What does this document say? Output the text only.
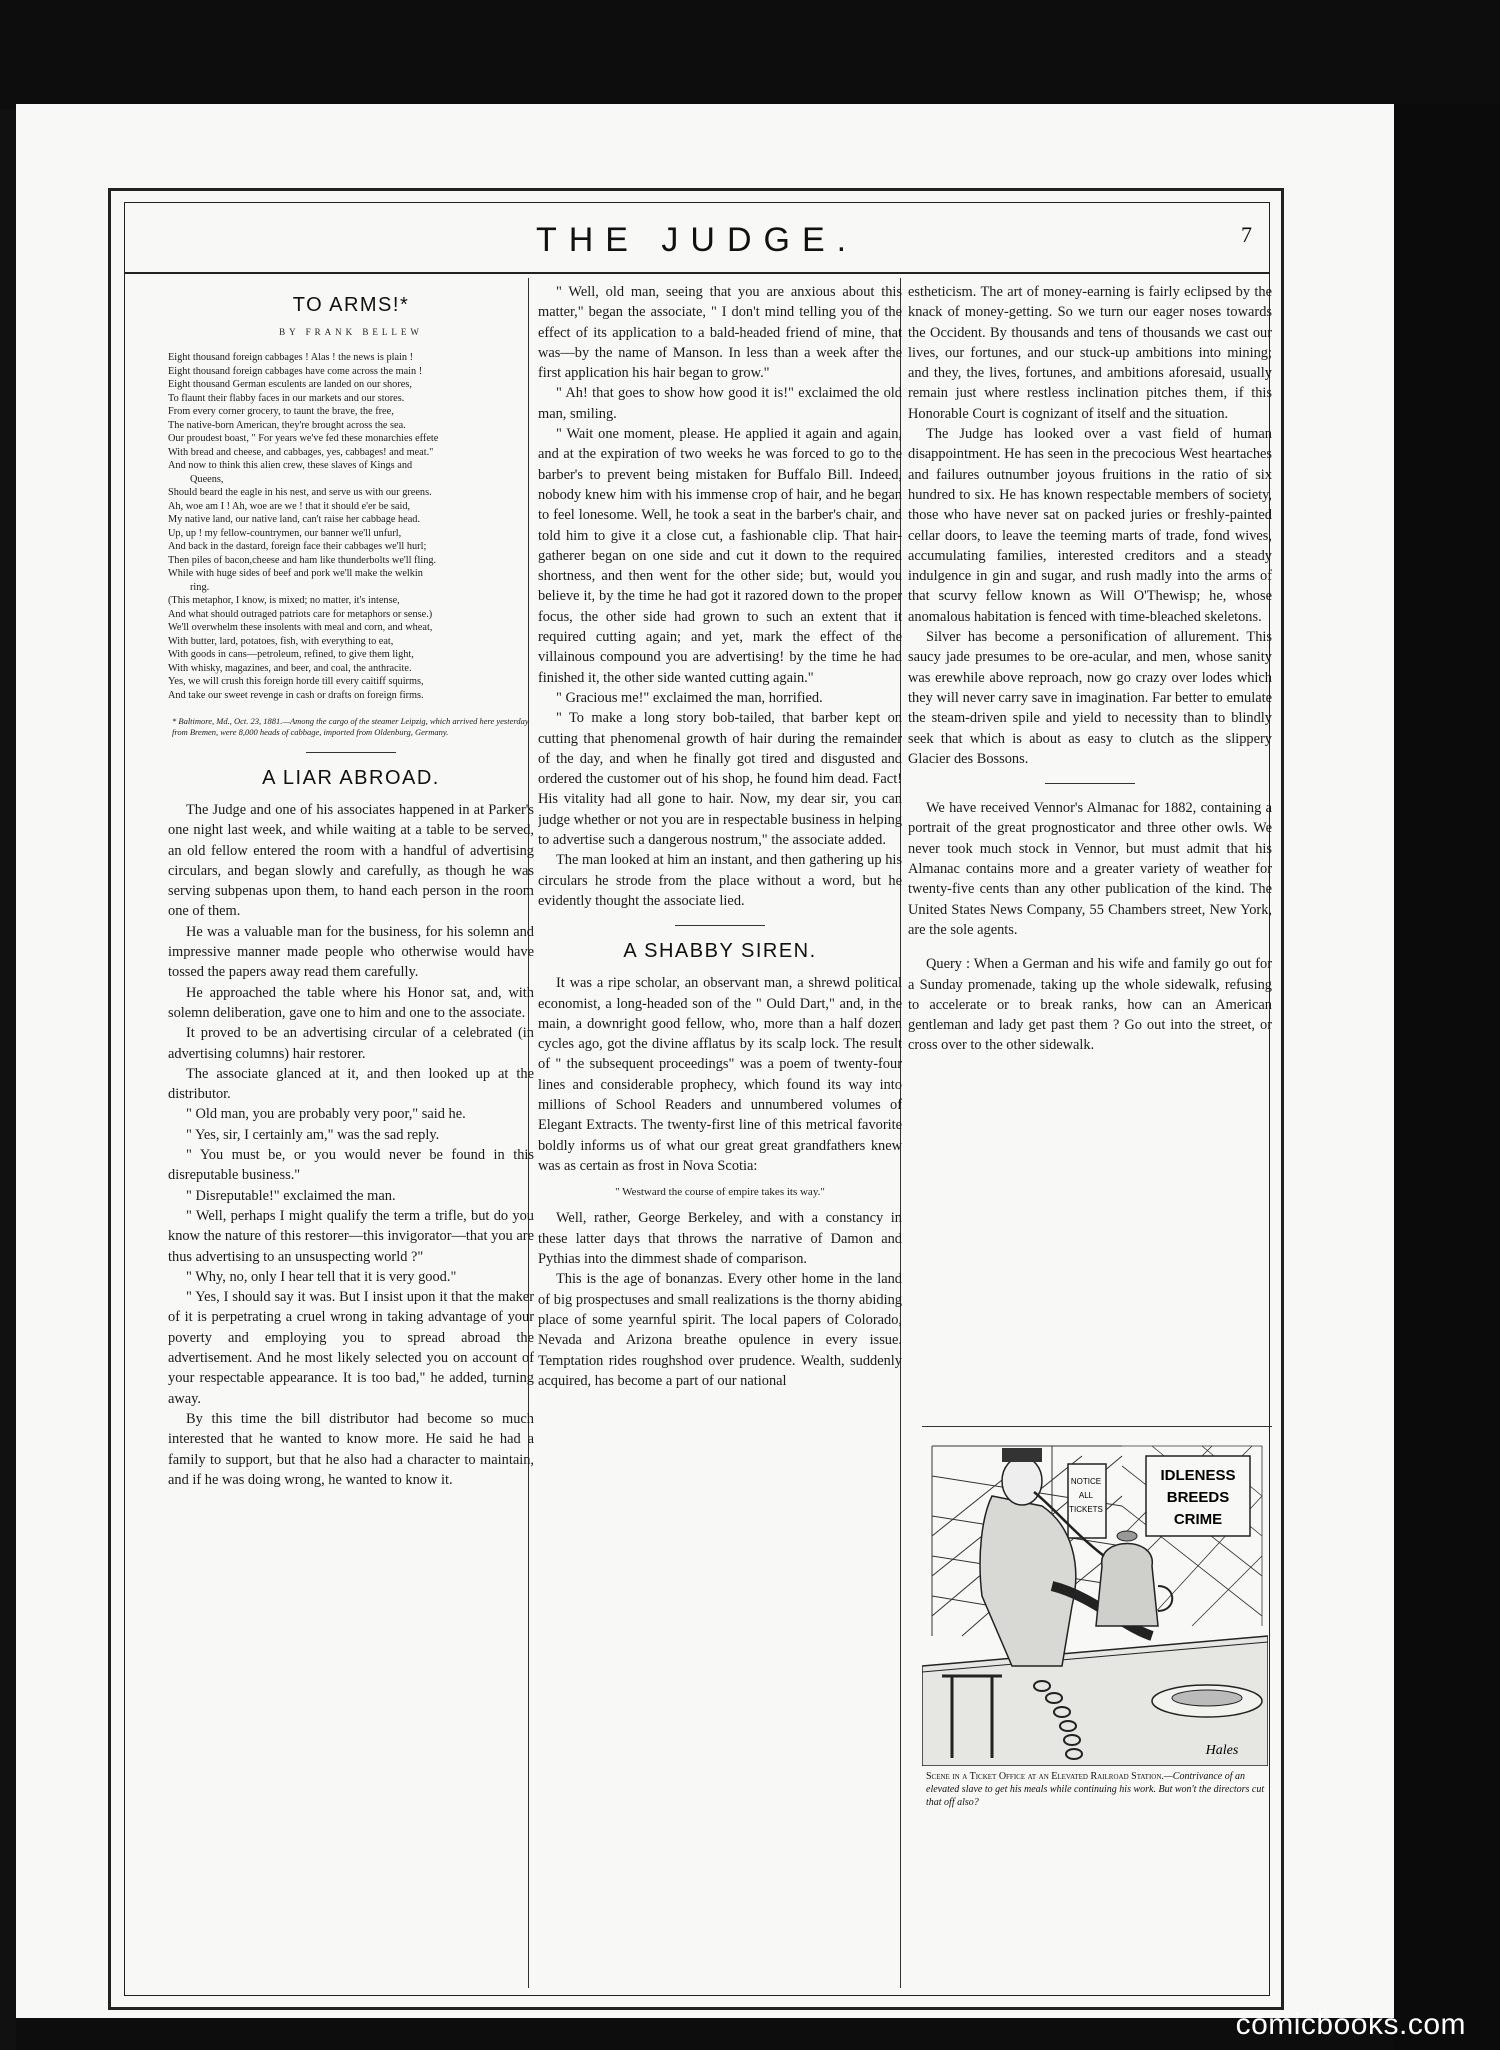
THE JUDGE.	7
TO ARMS!*
BY FRANK BELLEW

Eight thousand foreign cabbages ! Alas ! the news is plain !

Eight thousand foreign cabbages have come across the main !

Eight thousand German esculents are landed on our shores,

To flaunt their flabby faces in our markets and our stores.

From every corner grocery, to taunt the brave, the free,

The native-born American, they're brought across the sea.

Our proudest boast, " For years we've fed these monarchies effete

With bread and cheese, and cabbages, yes, cabbages! and meat."

And now to think this alien crew, these slaves of Kings and

Queens,

Should beard the eagle in his nest, and serve us with our greens.

Ah, woe am I ! Ah, woe are we ! that it should e'er be said,

My native land, our native land, can't raise her cabbage head.

Up, up ! my fellow-countrymen, our banner we'll unfurl,

And back in the dastard, foreign face their cabbages we'll hurl;

Then piles of bacon,cheese and ham like thunderbolts we'll fling.

While with huge sides of beef and pork we'll make the welkin

ring.

(This metaphor, I know, is mixed; no matter, it's intense,

And what should outraged patriots care for metaphors or sense.)

We'll overwhelm these insolents with meal and corn, and wheat,

With butter, lard, potatoes, fish, with everything to eat,

With goods in cans—petroleum, refined, to give them light,

With whisky, magazines, and beer, and coal, the anthracite.

Yes, we will crush this foreign horde till every caitiff squirms,

And take our sweet revenge in cash or drafts on foreign firms.

* Baltimore, Md., Oct. 23, 1881.—Among the cargo of the steamer Leipzig, which arrived here yesterday from Bremen, were 8,000 heads of cabbage, imported from Oldenburg, Germany.
A LIAR ABROAD.

The Judge and one of his associates happened in at Parker's one night last week, and while waiting at a table to be served, an old fellow entered the room with a handful of advertising circulars, and began slowly and carefully, as though he was serving subpenas upon them, to hand each person in the room one of them.

He was a valuable man for the business, for his solemn and impressive manner made people who otherwise would have tossed the papers away read them carefully.

He approached the table where his Honor sat, and, with solemn deliberation, gave one to him and one to the associate.

It proved to be an advertising circular of a celebrated (in advertising columns) hair restorer.

The associate glanced at it, and then looked up at the distributor.

" Old man, you are probably very poor," said he.

" Yes, sir, I certainly am," was the sad reply.

" You must be, or you would never be found in this disreputable business."

" Disreputable!" exclaimed the man.

" Well, perhaps I might qualify the term a trifle, but do you know the nature of this restorer—this invigorator—that you are thus advertising to an unsuspecting world ?"

" Why, no, only I hear tell that it is very good."

" Yes, I should say it was. But I insist upon it that the maker of it is perpetrating a cruel wrong in taking advantage of your poverty and employing you to spread abroad the advertisement. And he most likely selected you on account of your respectable appearance. It is too bad," he added, turning away.

By this time the bill distributor had become so much interested that he wanted to know more. He said he had a family to support, but that he also had a character to maintain, and if he was doing wrong, he wanted to know it.

" Well, old man, seeing that you are anxious about this matter," began the associate, " I don't mind telling you of the effect of its application to a bald-headed friend of mine, that was—by the name of Manson. In less than a week after the first application his hair began to grow."

" Ah! that goes to show how good it is!" exclaimed the old man, smiling.

" Wait one moment, please. He applied it again and again, and at the expiration of two weeks he was forced to go to the barber's to prevent being mistaken for Buffalo Bill. Indeed, nobody knew him with his immense crop of hair, and he began to feel lonesome. Well, he took a seat in the barber's chair, and told him to give it a close cut, a fashionable clip. That hair-gatherer began on one side and cut it down to the required shortness, and then went for the other side; but, would you believe it, by the time he had got it razored down to the proper focus, the other side had grown to such an extent that it required cutting again; and yet, mark the effect of the villainous compound you are advertising! by the time he had finished it, the other side wanted cutting again."

" Gracious me!" exclaimed the man, horrified.

" To make a long story bob-tailed, that barber kept on cutting that phenomenal growth of hair during the remainder of the day, and when he finally got tired and disgusted and ordered the customer out of his shop, he found him dead. Fact! His vitality had all gone to hair. Now, my dear sir, you can judge whether or not you are in respectable business in helping to advertise such a dangerous nostrum," the associate added.

The man looked at him an instant, and then gathering up his circulars he strode from the place without a word, but he evidently thought the associate lied.

A SHABBY SIREN.

It was a ripe scholar, an observant man, a shrewd political economist, a long-headed son of the " Ould Dart," and, in the main, a downright good fellow, who, more than a half dozen cycles ago, got the divine afflatus by its scalp lock. The result of " the subsequent proceedings" was a poem of twenty-four lines and considerable prophecy, which found its way into millions of School Readers and unnumbered volumes of Elegant Extracts. The twenty-first line of this metrical favorite boldly informs us of what our great great grandfathers knew was as certain as frost in Nova Scotia:

" Westward the course of empire takes its way."

Well, rather, George Berkeley, and with a constancy in these latter days that throws the narrative of Damon and Pythias into the dimmest shade of comparison.

This is the age of bonanzas. Every other home in the land of big prospectuses and small realizations is the thorny abiding place of some yearnful spirit. The local papers of Colorado, Nevada and Arizona breathe opulence in every issue. Temptation rides roughshod over prudence. Wealth, suddenly acquired, has become a part of our national

estheticism. The art of money-earning is fairly eclipsed by the knack of money-getting. So we turn our eager noses towards the Occident. By thousands and tens of thousands we cast our lives, our fortunes, and our stuck-up ambitions into mining; and they, the lives, fortunes, and ambitions aforesaid, usually remain just where restless inclination pitches them, if this Honorable Court is cognizant of itself and the situation.

The Judge has looked over a vast field of human disappointment. He has seen in the precocious West heartaches and failures outnumber joyous fruitions in the ratio of six hundred to six. He has known respectable members of society, those who have never sat on packed juries or freshly-painted cellar doors, to leave the teeming marts of trade, fond wives, accumulating families, interested creditors and a steady indulgence in gin and sugar, and rush madly into the arms of that scurvy fellow known as Will O'Thewisp; he, whose anomalous habitation is fenced with time-bleached skeletons.

Silver has become a personification of allurement. This saucy jade presumes to be ore-acular, and men, whose sanity was erewhile above reproach, now go crazy over lodes which they will never carry save in imagination. Far better to emulate the steam-driven spile and yield to necessity than to blindly seek that which is about as easy to clutch as the slippery Glacier des Bossons.

We have received Vennor's Almanac for 1882, containing a portrait of the great prognosticator and three other owls. We never took much stock in Vennor, but must admit that his Almanac contains more and a greater variety of weather for twenty-five cents than any other publication of the kind. The United States News Company, 55 Chambers street, New York, are the sole agents.

Query : When a German and his wife and family go out for a Sunday promenade, taking up the whole sidewalk, refusing to accelerate or to break ranks, how can an American gentleman and lady get past them ? Go out into the street, or cross over to the other sidewalk.

NOTICE
ALL
TICKETS
IDLENESS
BREEDS
CRIME
Hales
Scene in a Ticket Office at an Elevated Railroad Station.—Contrivance of an elevated slave to get his meals while continuing his work. But won't the directors cut that off also?
comicbooks.com
